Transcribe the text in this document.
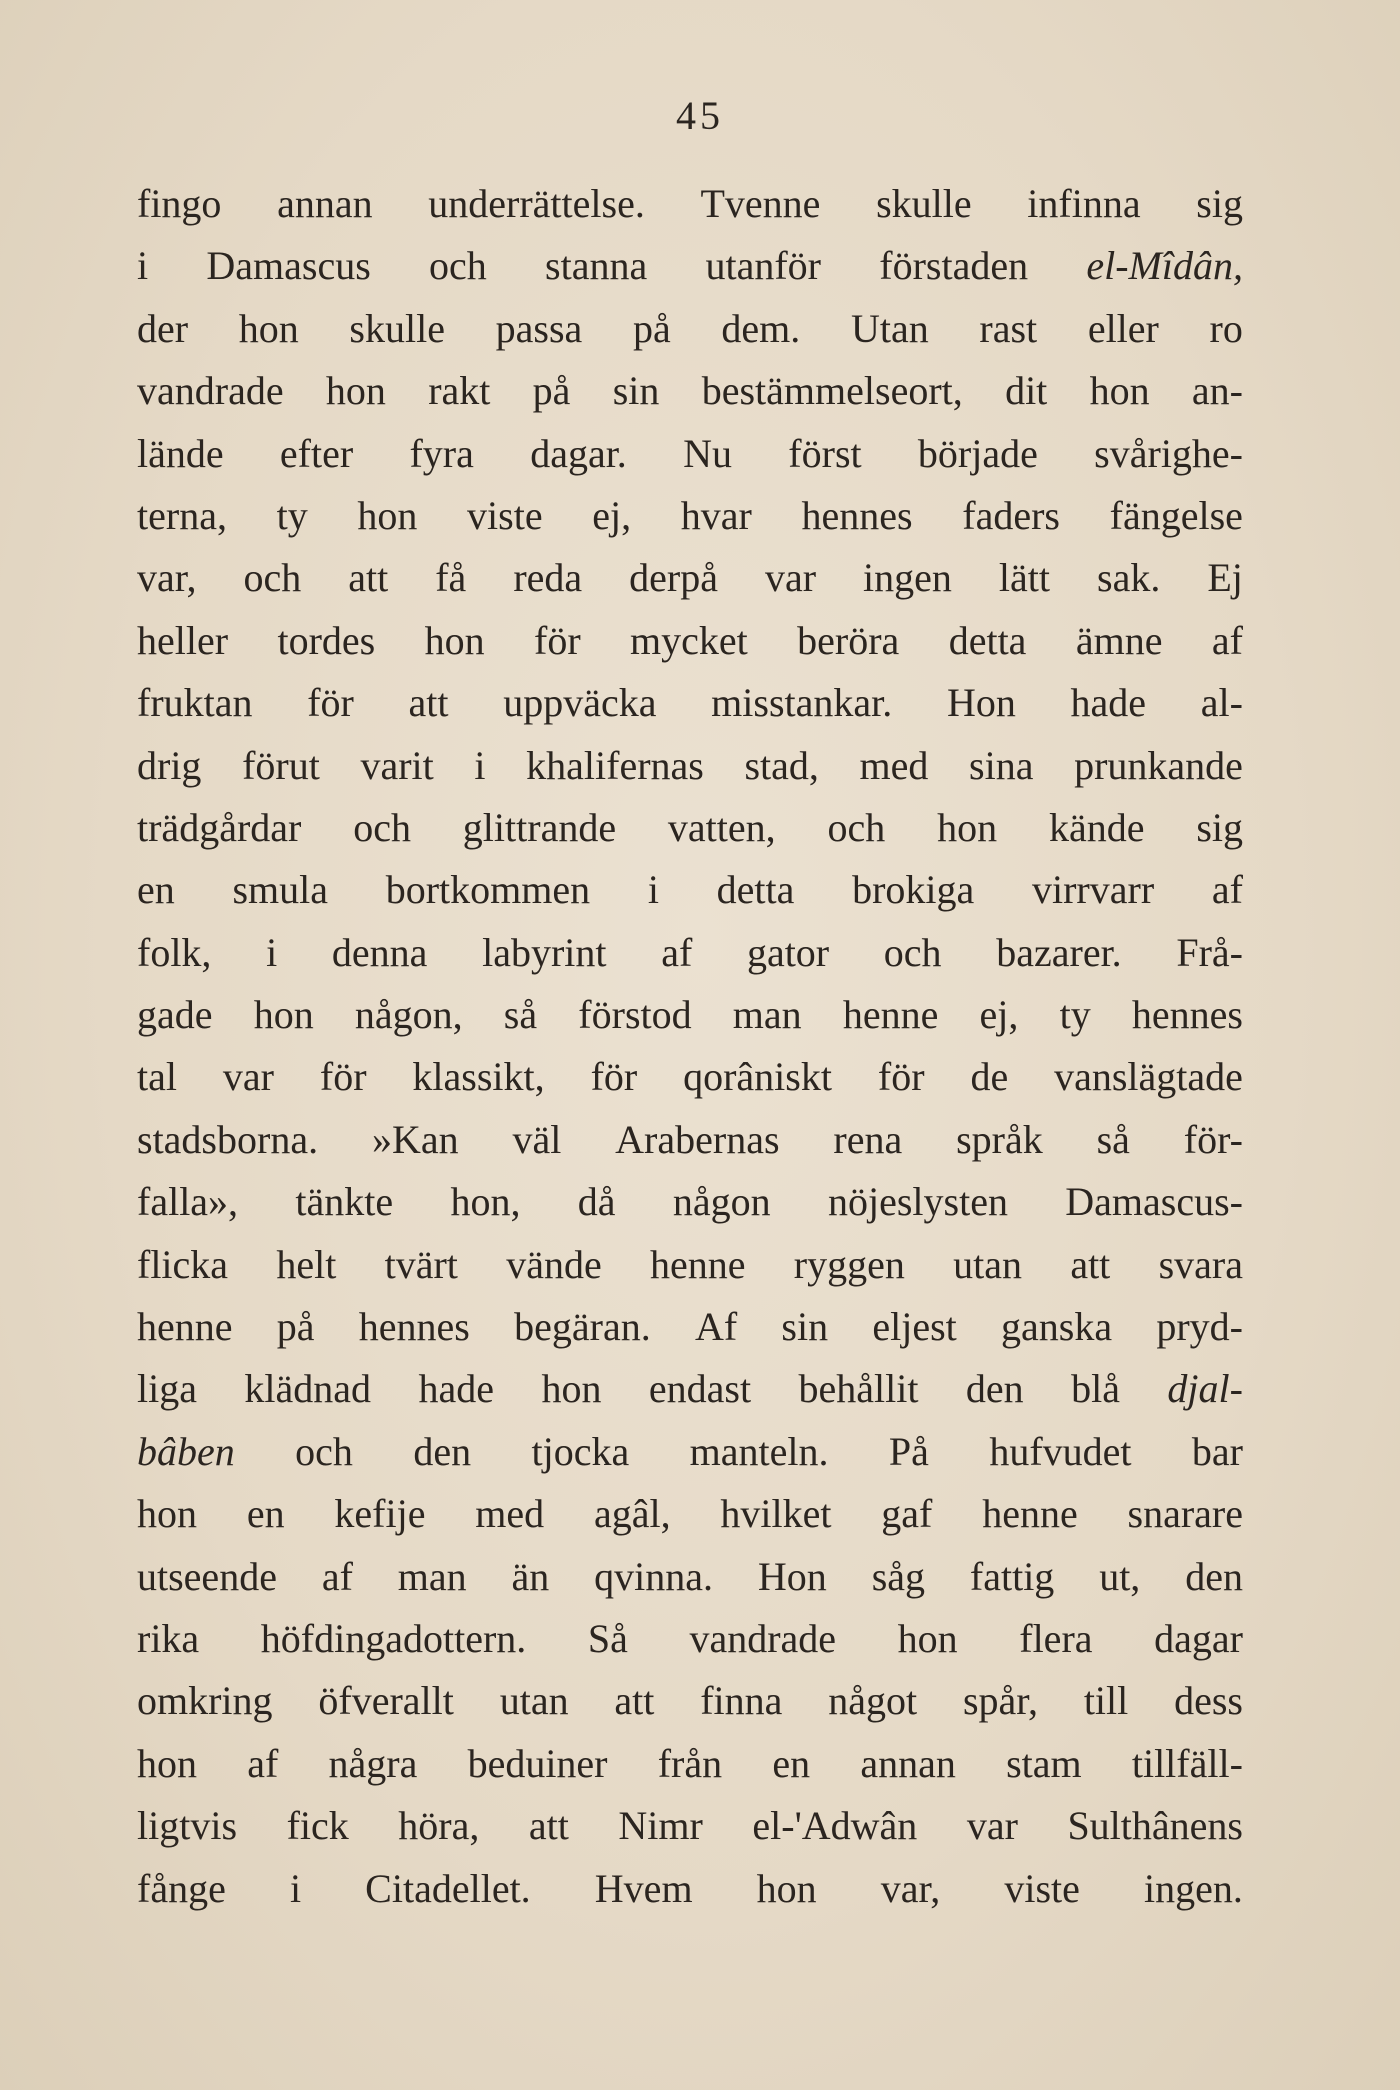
45
fingo annan underrättelse. Tvenne skulle infinna sig
i Damascus och stanna utanför förstaden el-Mîdân,
der hon skulle passa på dem. Utan rast eller ro
vandrade hon rakt på sin bestämmelseort, dit hon an-
lände efter fyra dagar. Nu först började svårighe-
terna, ty hon viste ej, hvar hennes faders fängelse
var, och att få reda derpå var ingen lätt sak. Ej
heller tordes hon för mycket beröra detta ämne af
fruktan för att uppväcka misstankar. Hon hade al-
drig förut varit i khalifernas stad, med sina prunkande
trädgårdar och glittrande vatten, och hon kände sig
en smula bortkommen i detta brokiga virrvarr af
folk, i denna labyrint af gator och bazarer. Frå-
gade hon någon, så förstod man henne ej, ty hennes
tal var för klassikt, för qorâniskt för de vanslägtade
stadsborna. »Kan väl Arabernas rena språk så för-
falla», tänkte hon, då någon nöjeslysten Damascus-
flicka helt tvärt vände henne ryggen utan att svara
henne på hennes begäran. Af sin eljest ganska pryd-
liga klädnad hade hon endast behållit den blå djal-
bâben och den tjocka manteln. På hufvudet bar
hon en kefije med agâl, hvilket gaf henne snarare
utseende af man än qvinna. Hon såg fattig ut, den
rika höfdingadottern. Så vandrade hon flera dagar
omkring öfverallt utan att finna något spår, till dess
hon af några beduiner från en annan stam tillfäll-
ligtvis fick höra, att Nimr el-'Adwân var Sulthânens
fånge i Citadellet. Hvem hon var, viste ingen.
